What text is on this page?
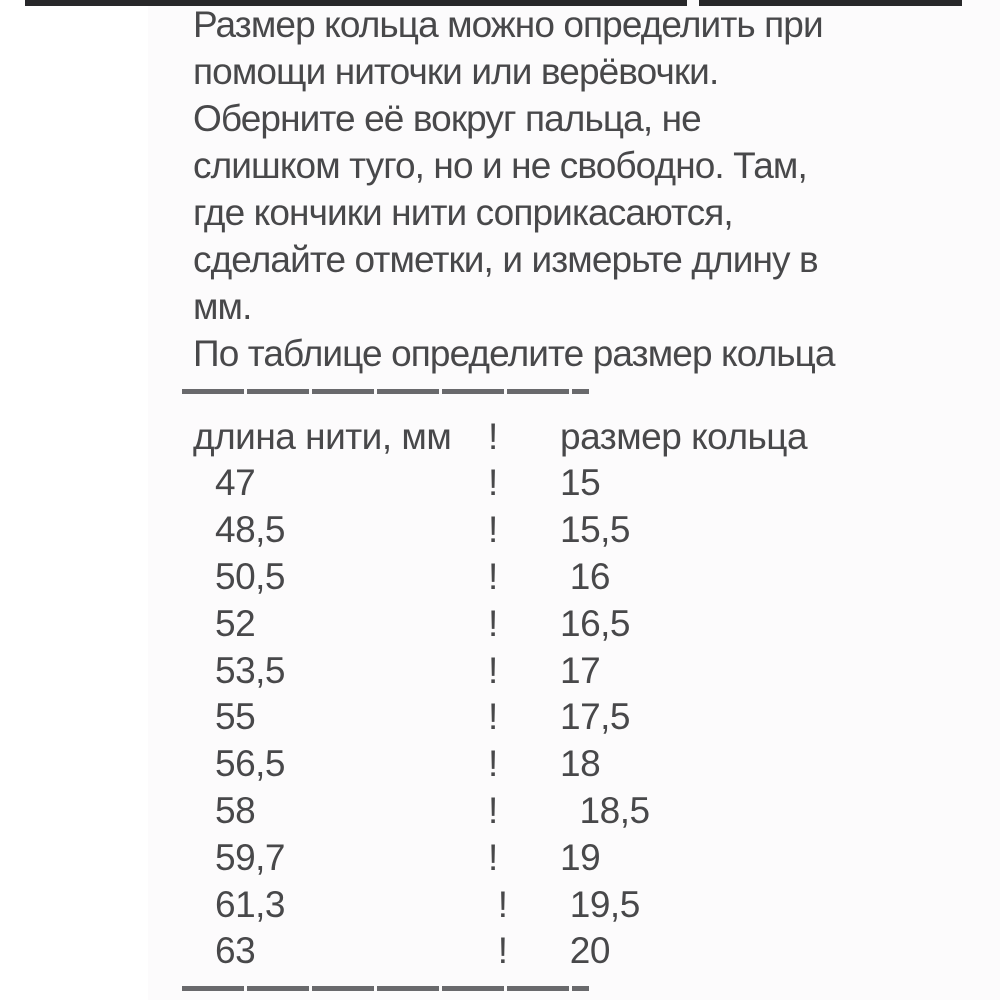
Размер кольца можно определить при
помощи ниточки или верёвочки.
Оберните её вокруг пальца, не
слишком туго, но и не свободно. Там,
где кончики нити соприкасаются,
сделайте отметки, и измерьте длину в
мм.
По таблице определите размер кольца
длина нити, мм !	размер кольца
47	!	15
48,5	!	15,5
50,5	!	16
52	!	16,5
53,5	!	17
55	!	17,5
56,5	!	18
58	!	18,5
59,7	!	19
61,3	!	19,5
63	!	20
